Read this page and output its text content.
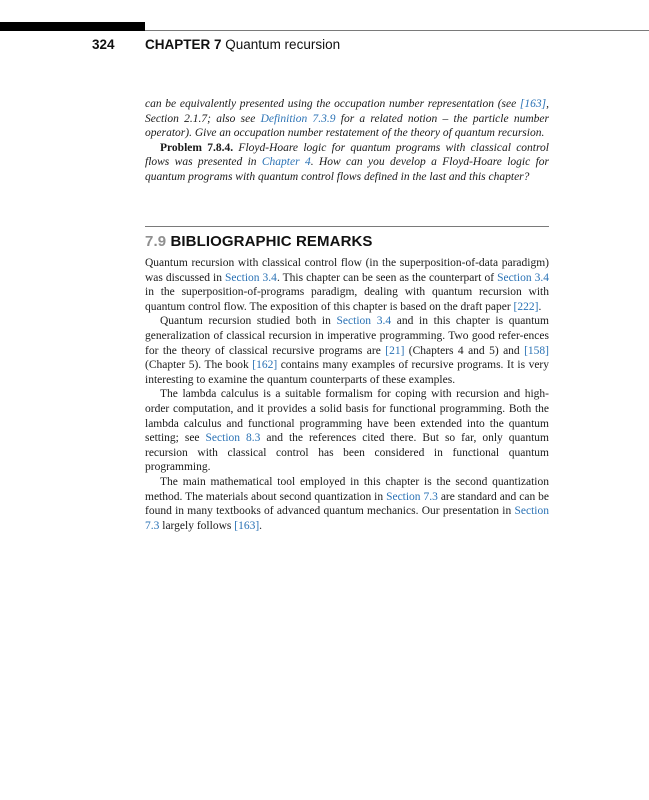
324 CHAPTER 7 Quantum recursion

can be equivalently presented using the occupation number representation (see [163], Section 2.1.7; also see Definition 7.3.9 for a related notion – the particle number operator). Give an occupation number restatement of the theory of quantum recursion.

Problem 7.8.4. Floyd-Hoare logic for quantum programs with classical control flows was presented in Chapter 4. How can you develop a Floyd-Hoare logic for quantum programs with quantum control flows defined in the last and this chapter?

7.9 BIBLIOGRAPHIC REMARKS

Quantum recursion with classical control flow (in the superposition-of-data paradigm) was discussed in Section 3.4. This chapter can be seen as the counterpart of Section 3.4 in the superposition-of-programs paradigm, dealing with quantum recursion with quantum control flow. The exposition of this chapter is based on the draft paper [222].

Quantum recursion studied both in Section 3.4 and in this chapter is quantum generalization of classical recursion in imperative programming. Two good refer-ences for the theory of classical recursive programs are [21] (Chapters 4 and 5) and [158] (Chapter 5). The book [162] contains many examples of recursive programs. It is very interesting to examine the quantum counterparts of these examples.

The lambda calculus is a suitable formalism for coping with recursion and high-order computation, and it provides a solid basis for functional programming. Both the lambda calculus and functional programming have been extended into the quantum setting; see Section 8.3 and the references cited there. But so far, only quantum recursion with classical control has been considered in functional quantum programming.

The main mathematical tool employed in this chapter is the second quantization method. The materials about second quantization in Section 7.3 are standard and can be found in many textbooks of advanced quantum mechanics. Our presentation in Section 7.3 largely follows [163].
